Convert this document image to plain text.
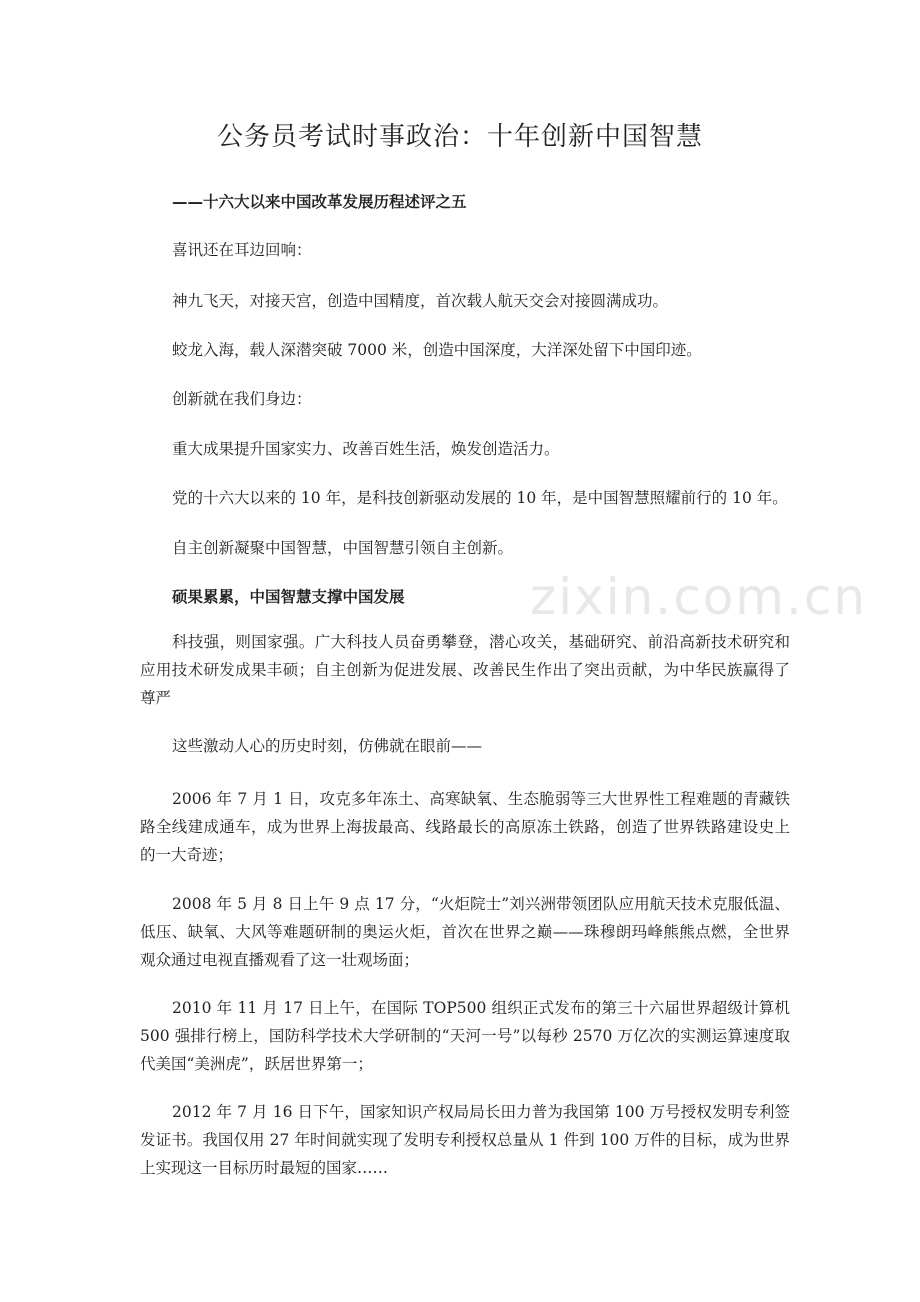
公务员考试时事政治：十年创新中国智慧
——十六大以来中国改革发展历程述评之五
喜讯还在耳边回响：
神九飞天，对接天宫，创造中国精度，首次载人航天交会对接圆满成功。
蛟龙入海，载人深潜突破 7000 米，创造中国深度，大洋深处留下中国印迹。
创新就在我们身边：
重大成果提升国家实力、改善百姓生活，焕发创造活力。
党的十六大以来的 10 年，是科技创新驱动发展的 10 年，是中国智慧照耀前行的 10 年。
自主创新凝聚中国智慧，中国智慧引领自主创新。
硕果累累，中国智慧支撑中国发展	zixin.com.cn
科技强，则国家强。广大科技人员奋勇攀登，潜心攻关，基础研究、前沿高新技术研究和应用技术研发成果丰硕；自主创新为促进发展、改善民生作出了突出贡献，为中华民族赢得了尊严
这些激动人心的历史时刻，仿佛就在眼前——
2006 年 7 月 1 日，攻克多年冻土、高寒缺氧、生态脆弱等三大世界性工程难题的青藏铁路全线建成通车，成为世界上海拔最高、线路最长的高原冻土铁路，创造了世界铁路建设史上的一大奇迹；
2008 年 5 月 8 日上午 9 点 17 分，“火炬院士”刘兴洲带领团队应用航天技术克服低温、低压、缺氧、大风等难题研制的奥运火炬，首次在世界之巅——珠穆朗玛峰熊熊点燃，全世界观众通过电视直播观看了这一壮观场面；
2010 年 11 月 17 日上午，在国际 TOP500 组织正式发布的第三十六届世界超级计算机 500 强排行榜上，国防科学技术大学研制的“天河一号”以每秒 2570 万亿次的实测运算速度取代美国“美洲虎”，跃居世界第一；
2012 年 7 月 16 日下午，国家知识产权局局长田力普为我国第 100 万号授权发明专利签发证书。我国仅用 27 年时间就实现了发明专利授权总量从 1 件到 100 万件的目标，成为世界上实现这一目标历时最短的国家……
